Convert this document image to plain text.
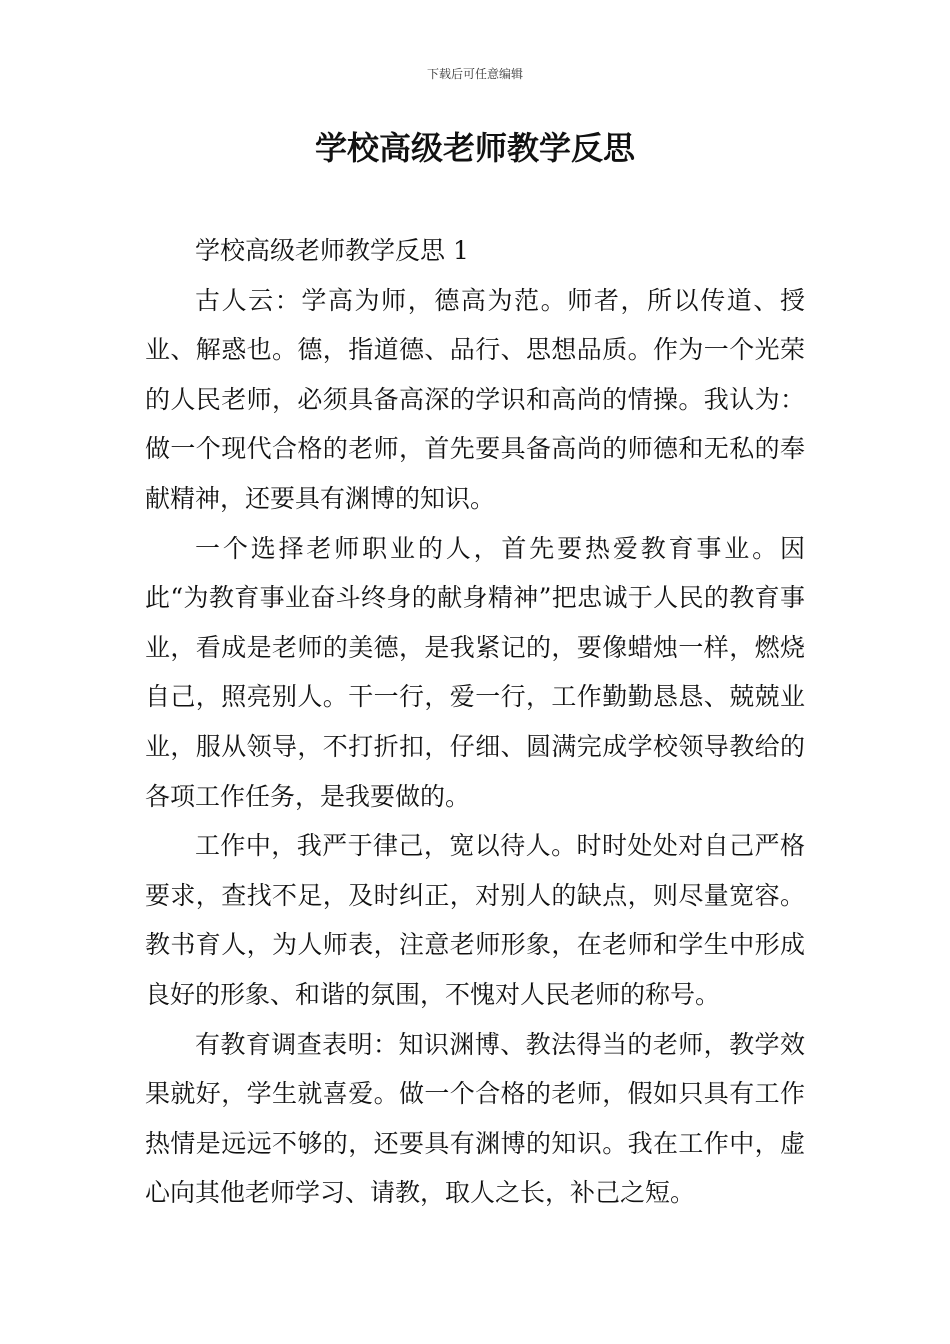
下载后可任意编辑
学校高级老师教学反思

学校高级老师教学反思 1

古人云：学高为师，德高为范。师者，所以传道、授业、解惑也。德，指道德、品行、思想品质。作为一个光荣的人民老师，必须具备高深的学识和高尚的情操。我认为：做一个现代合格的老师，首先要具备高尚的师德和无私的奉献精神，还要具有渊博的知识。

一个选择老师职业的人，首先要热爱教育事业。因此“为教育事业奋斗终身的献身精神”把忠诚于人民的教育事业，看成是老师的美德，是我紧记的，要像蜡烛一样，燃烧自己，照亮别人。干一行，爱一行，工作勤勤恳恳、兢兢业业，服从领导，不打折扣，仔细、圆满完成学校领导教给的各项工作任务，是我要做的。

工作中，我严于律己，宽以待人。时时处处对自己严格要求，查找不足，及时纠正，对别人的缺点，则尽量宽容。教书育人，为人师表，注意老师形象，在老师和学生中形成良好的形象、和谐的氛围，不愧对人民老师的称号。

有教育调查表明：知识渊博、教法得当的老师，教学效果就好，学生就喜爱。做一个合格的老师，假如只具有工作热情是远远不够的，还要具有渊博的知识。我在工作中，虚心向其他老师学习、请教，取人之长，补己之短。
